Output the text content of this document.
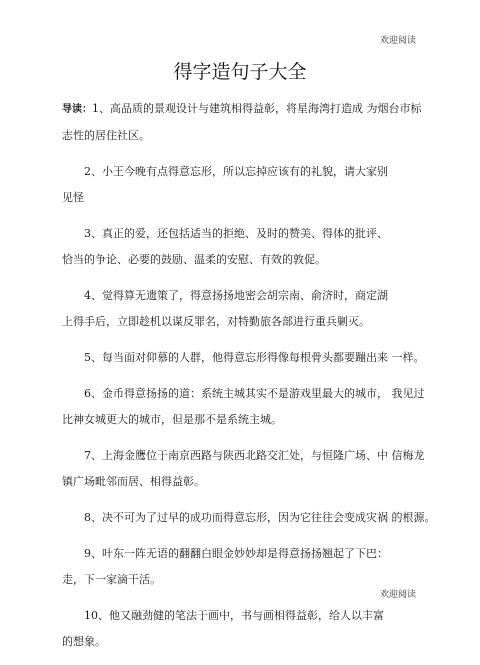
欢迎阅读
得字造句子大全
导读：1、高品质的景观设计与建筑相得益彰，将星海湾打造成 为烟台市标
志性的居住社区。
2、小王今晚有点得意忘形，所以忘掉应该有的礼貌，请大家别
见怪
3、真正的爱，还包括适当的拒绝、及时的赞美、得体的批评、
恰当的争论、必要的鼓励、温柔的安慰、有效的敦促。
4、觉得算无遗策了，得意扬扬地密会胡宗南、俞济时，商定湖
上得手后，立即趁机以谋反罪名，对特勤旅各部进行重兵剿灭。
5、每当面对仰慕的人群，他得意忘形得像每根骨头都要蹦出来 一样。
6、金币得意扬扬的道：系统主城其实不是游戏里最大的城市， 我见过
比神女城更大的城市，但是那不是系统主城。
7、上海金鹰位于南京西路与陕西北路交汇处，与恒隆广场、中 信梅龙
镇广场毗邻而居、相得益彰。
8、决不可为了过早的成功而得意忘形，因为它往往会变成灾祸 的根源。
9、叶东一阵无语的翻翻白眼金妙妙却是得意扬扬翘起了下巴：
走，下一家滴干活。
10、他又融劲健的笔法于画中，书与画相得益彰，给人以丰富
的想象。
欢迎阅读
